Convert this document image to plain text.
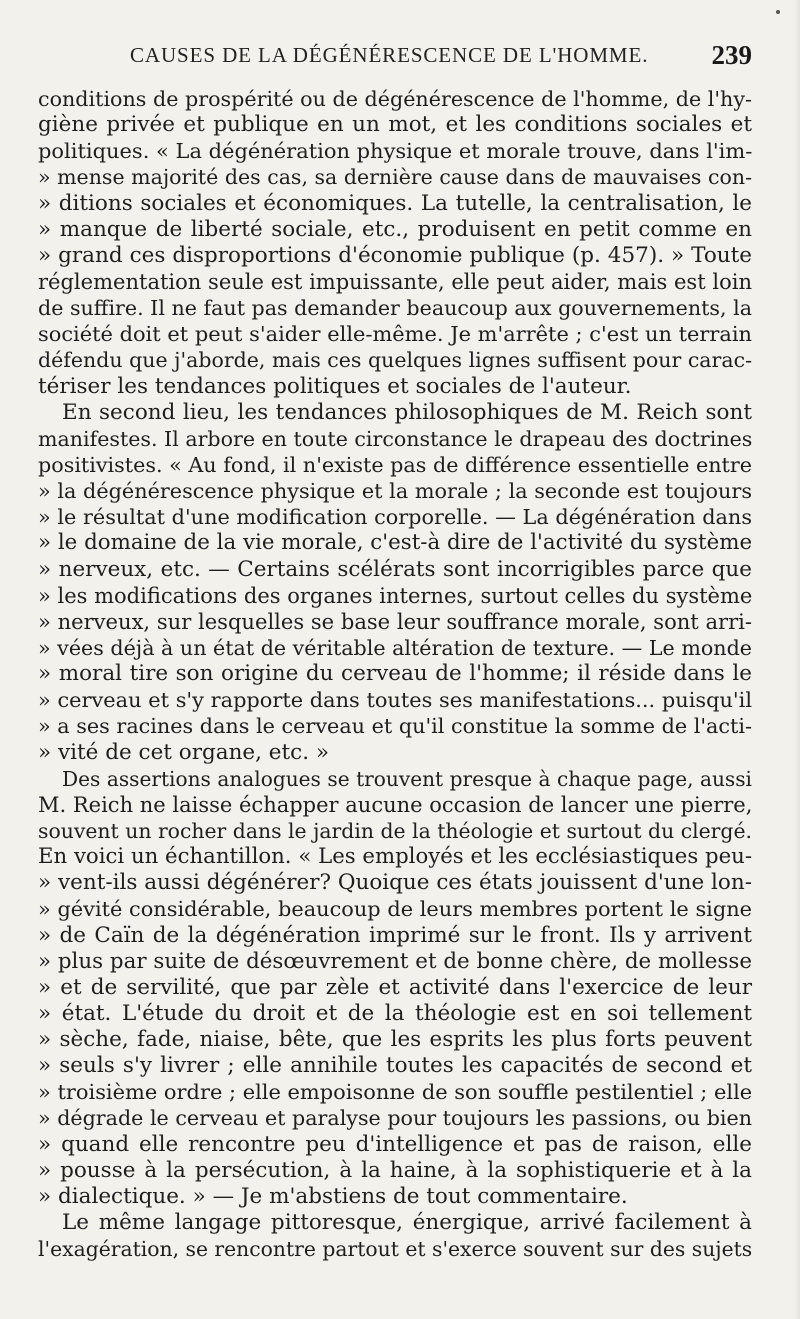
CAUSES DE LA DÉGÉNÉRESCENCE DE L'HOMME. 239
conditions de prospérité ou de dégénérescence de l'homme, de l'hy-
giène privée et publique en un mot, et les conditions sociales et
politiques. « La dégénération physique et morale trouve, dans l'im-
» mense majorité des cas, sa dernière cause dans de mauvaises con-
» ditions sociales et économiques. La tutelle, la centralisation, le
» manque de liberté sociale, etc., produisent en petit comme en
» grand ces disproportions d'économie publique (p. 457). » Toute
réglementation seule est impuissante, elle peut aider, mais est loin
de suffire. Il ne faut pas demander beaucoup aux gouvernements, la
société doit et peut s'aider elle-même. Je m'arrête ; c'est un terrain
défendu que j'aborde, mais ces quelques lignes suffisent pour carac-
tériser les tendances politiques et sociales de l'auteur.
En second lieu, les tendances philosophiques de M. Reich sont
manifestes. Il arbore en toute circonstance le drapeau des doctrines
positivistes. « Au fond, il n'existe pas de différence essentielle entre
» la dégénérescence physique et la morale ; la seconde est toujours
» le résultat d'une modification corporelle. — La dégénération dans
» le domaine de la vie morale, c'est-à dire de l'activité du système
» nerveux, etc. — Certains scélérats sont incorrigibles parce que
» les modifications des organes internes, surtout celles du système
» nerveux, sur lesquelles se base leur souffrance morale, sont arri-
» vées déjà à un état de véritable altération de texture. — Le monde
» moral tire son origine du cerveau de l'homme; il réside dans le
» cerveau et s'y rapporte dans toutes ses manifestations... puisqu'il
» a ses racines dans le cerveau et qu'il constitue la somme de l'acti-
» vité de cet organe, etc. »
Des assertions analogues se trouvent presque à chaque page, aussi
M. Reich ne laisse échapper aucune occasion de lancer une pierre,
souvent un rocher dans le jardin de la théologie et surtout du clergé.
En voici un échantillon. « Les employés et les ecclésiastiques peu-
» vent-ils aussi dégénérer? Quoique ces états jouissent d'une lon-
» gévité considérable, beaucoup de leurs membres portent le signe
» de Caïn de la dégénération imprimé sur le front. Ils y arrivent
» plus par suite de désœuvrement et de bonne chère, de mollesse
» et de servilité, que par zèle et activité dans l'exercice de leur
» état. L'étude du droit et de la théologie est en soi tellement
» sèche, fade, niaise, bête, que les esprits les plus forts peuvent
» seuls s'y livrer ; elle annihile toutes les capacités de second et
» troisième ordre ; elle empoisonne de son souffle pestilentiel ; elle
» dégrade le cerveau et paralyse pour toujours les passions, ou bien
» quand elle rencontre peu d'intelligence et pas de raison, elle
» pousse à la persécution, à la haine, à la sophistiquerie et à la
» dialectique. » — Je m'abstiens de tout commentaire.
Le même langage pittoresque, énergique, arrivé facilement à
l'exagération, se rencontre partout et s'exerce souvent sur des sujets
